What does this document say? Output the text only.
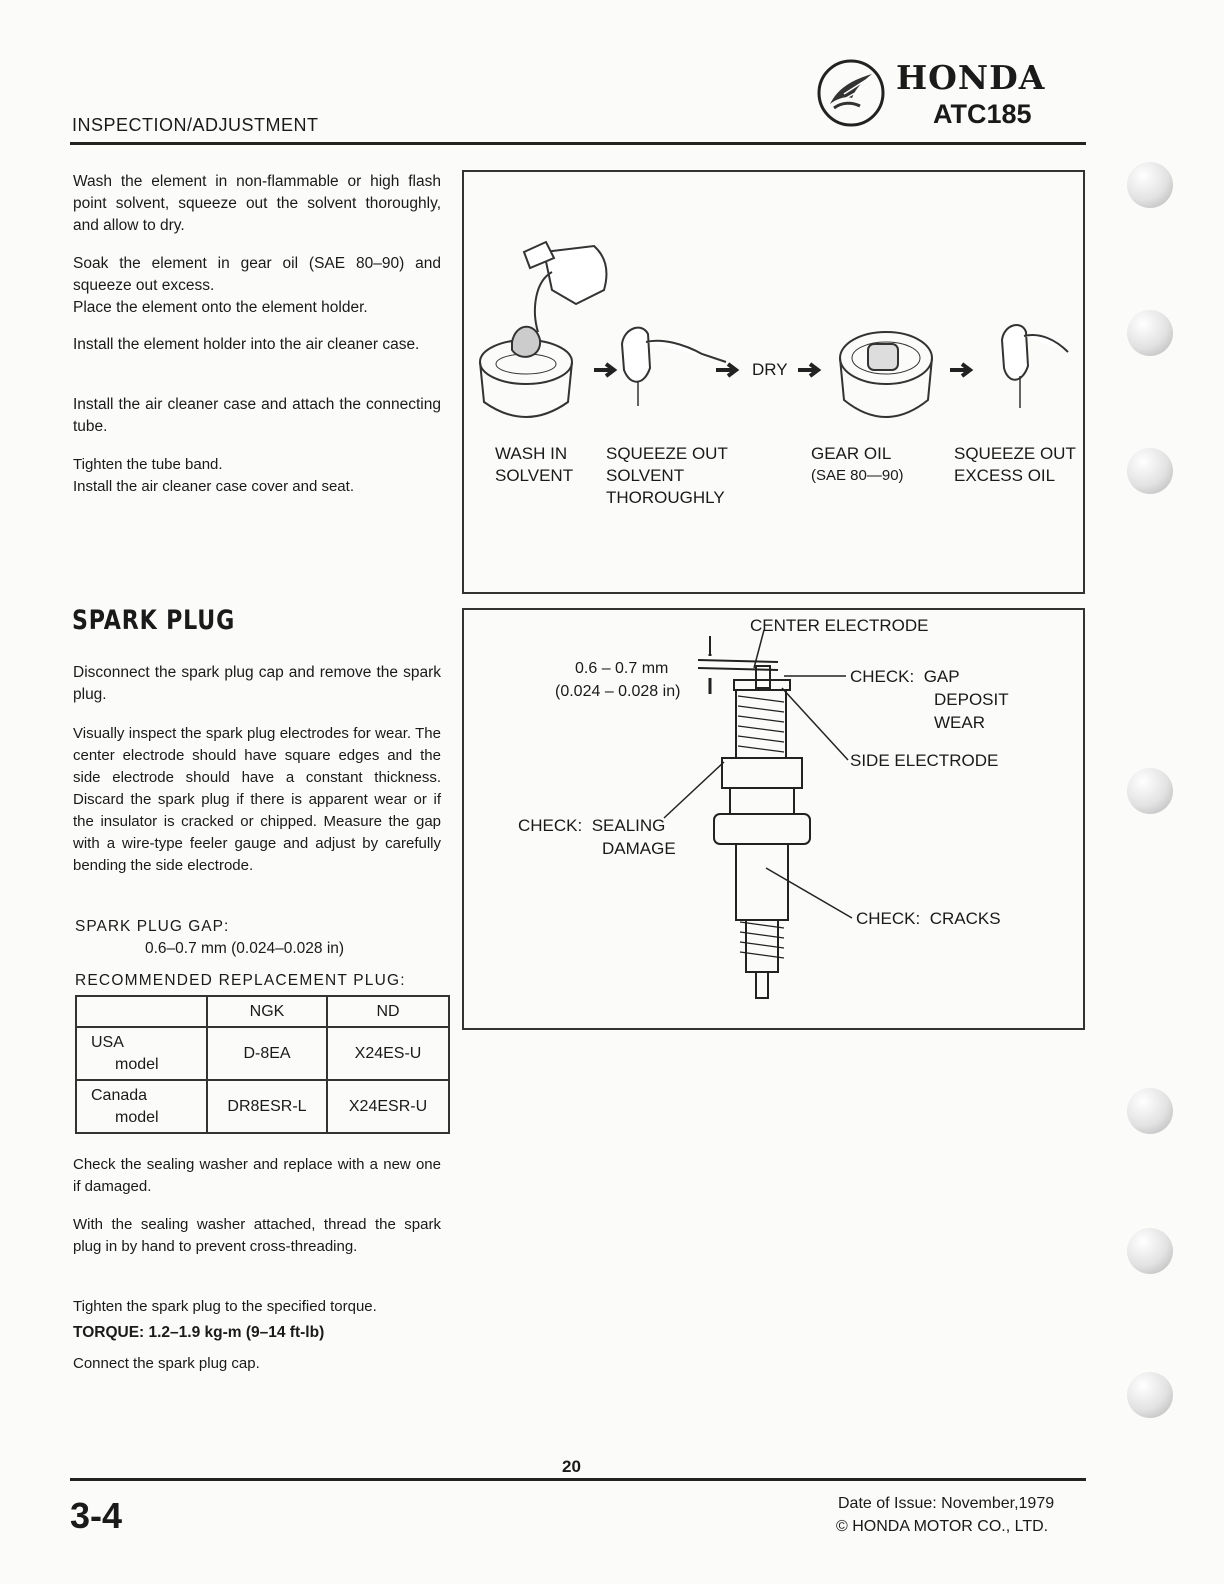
INSPECTION/ADJUSTMENT
HONDA
ATC185

Wash the element in non-flammable or high flash point solvent, squeeze out the solvent thoroughly, and allow to dry.

Soak the element in gear oil (SAE 80–90) and squeeze out excess.

Place the element onto the element holder.

Install the element holder into the air cleaner case.

Install the air cleaner case and attach the connecting tube.

Tighten the tube band.

Install the air cleaner case cover and seat.

DRY
WASH IN
SOLVENT
SQUEEZE OUT
SOLVENT
THOROUGHLY
GEAR OIL
(SAE 80—90)
SQUEEZE OUT
EXCESS OIL
SPARK PLUG

Disconnect the spark plug cap and remove the spark plug.

Visually inspect the spark plug electrodes for wear. The center electrode should have square edges and the side electrode should have a constant thickness. Discard the spark plug if there is apparent wear or if the insulator is cracked or chipped. Measure the gap with a wire-type feeler gauge and adjust by carefully bending the side electrode.

SPARK PLUG GAP:
0.6–0.7 mm (0.024–0.028 in)
RECOMMENDED REPLACEMENT PLUG:
	NGK	ND

USA
model	D-8EA	X24ES-U

Canada
model	DR8ESR-L	X24ESR-U

Check the sealing washer and replace with a new one if damaged.

With the sealing washer attached, thread the spark plug in by hand to prevent cross-threading.

Tighten the spark plug to the specified torque.

TORQUE: 1.2–1.9 kg-m (9–14 ft-lb)

Connect the spark plug cap.

CENTER ELECTRODE
0.6 – 0.7 mm
(0.024 – 0.028 in)
CHECK: GAP
DEPOSIT
WEAR
SIDE ELECTRODE
CHECK: SEALING
DAMAGE
CHECK: CRACKS
20
3-4	Date of Issue: November,1979
© HONDA MOTOR CO., LTD.
